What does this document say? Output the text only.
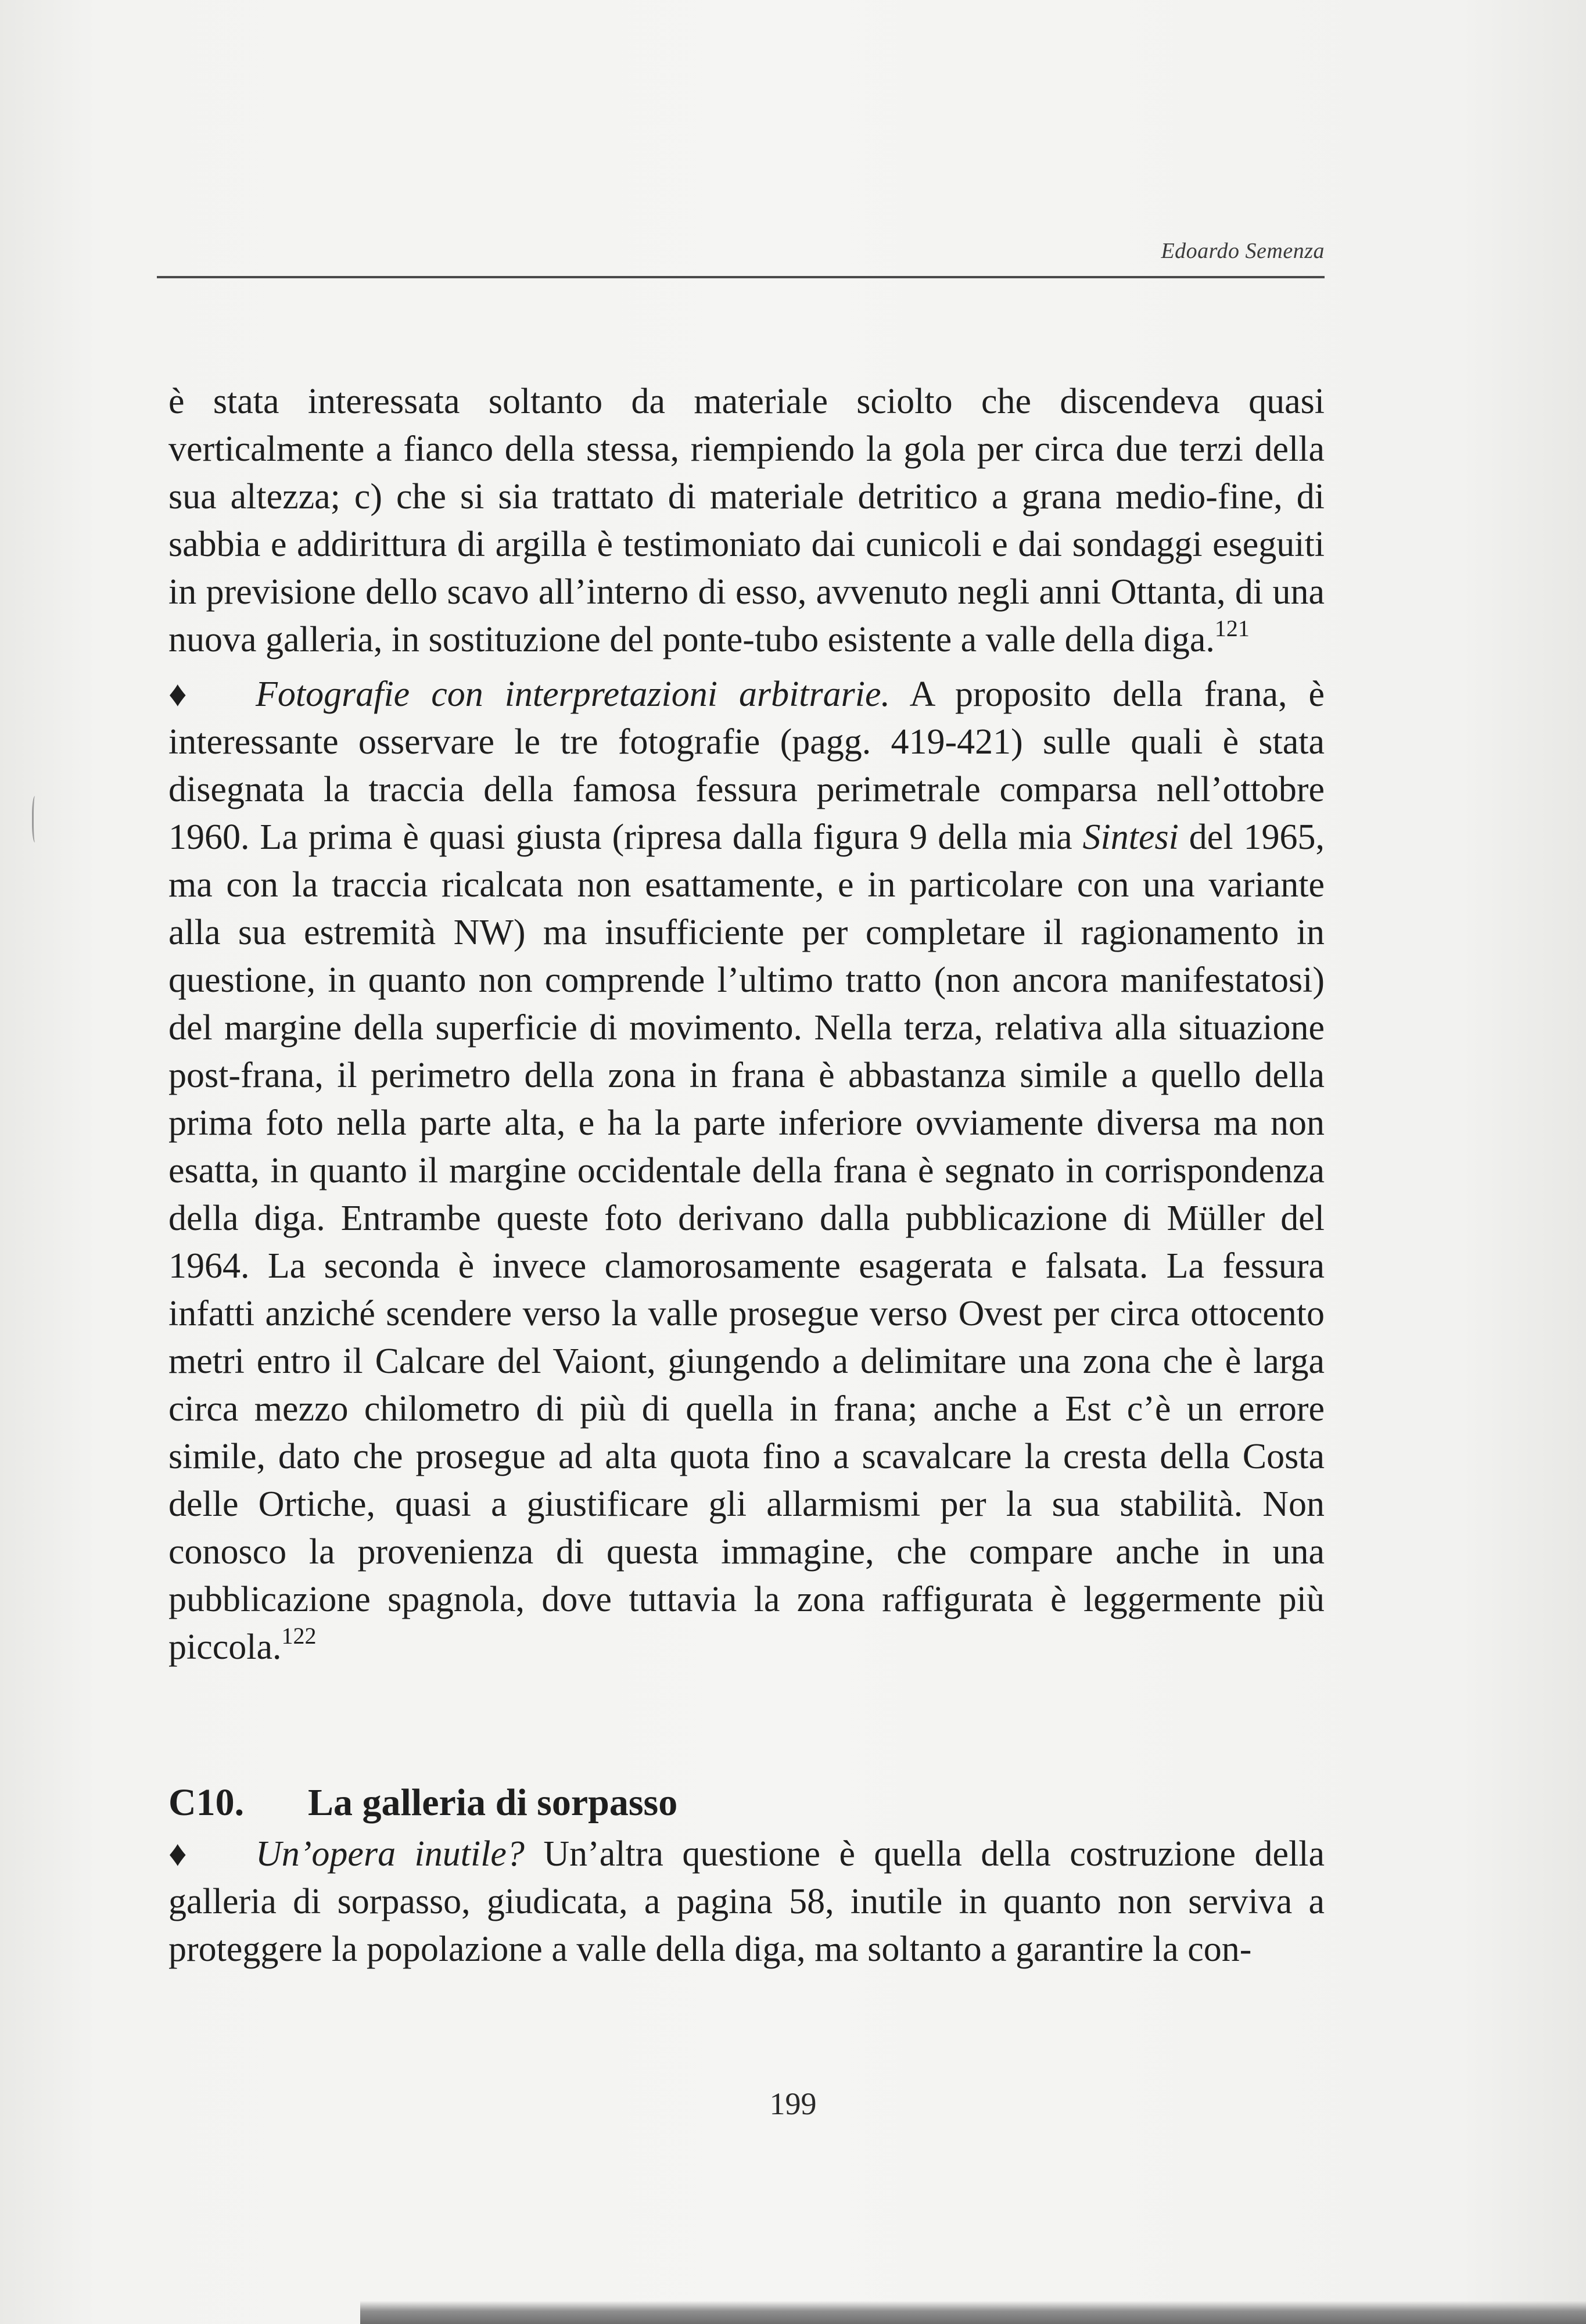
Edoardo Semenza

è stata interessata soltanto da materiale sciolto che discendeva quasi verticalmente a fianco della stessa, riempiendo la gola per circa due terzi della sua altezza; c) che si sia trattato di materiale detritico a grana medio-fine, di sabbia e addirittura di argilla è testimoniato dai cunicoli e dai sondaggi eseguiti in previsione dello scavo all’interno di esso, avvenuto negli anni Ottanta, di una nuova galleria, in sostituzione del ponte-tubo esistente a valle della diga.$^{121}$

♦ Fotografie con interpretazioni arbitrarie. A proposito della frana, è interessante osservare le tre fotografie (pagg. 419-421) sulle quali è stata disegnata la traccia della famosa fessura perimetrale comparsa nell’ottobre 1960. La prima è quasi giusta (ripresa dalla figura 9 della mia Sintesi del 1965, ma con la traccia ricalcata non esattamente, e in particolare con una variante alla sua estremità NW) ma insufficiente per completare il ragionamento in questione, in quanto non comprende l’ultimo tratto (non ancora manifestatosi) del margine della superficie di movimento. Nella terza, relativa alla situazione post-frana, il perimetro della zona in frana è abbastanza simile a quello della prima foto nella parte alta, e ha la parte inferiore ovviamente diversa ma non esatta, in quanto il margine occidentale della frana è segnato in corrispondenza della diga. Entrambe queste foto derivano dalla pubblicazione di Müller del 1964. La seconda è invece clamorosamente esagerata e falsata. La fessura infatti anziché scendere verso la valle prosegue verso Ovest per circa ottocento metri entro il Calcare del Vaiont, giungendo a delimitare una zona che è larga circa mezzo chilometro di più di quella in frana; anche a Est c’è un errore simile, dato che prosegue ad alta quota fino a scavalcare la cresta della Costa delle Ortiche, quasi a giustificare gli allarmismi per la sua stabilità. Non conosco la provenienza di questa immagine, che compare anche in una pubblicazione spagnola, dove tuttavia la zona raffigurata è leggermente più piccola.$^{122}$

C10. La galleria di sorpasso

♦ Un’opera inutile? Un’altra questione è quella della costruzione della galleria di sorpasso, giudicata, a pagina 58, inutile in quanto non serviva a proteggere la popolazione a valle della diga, ma soltanto a garantire la con-

199
